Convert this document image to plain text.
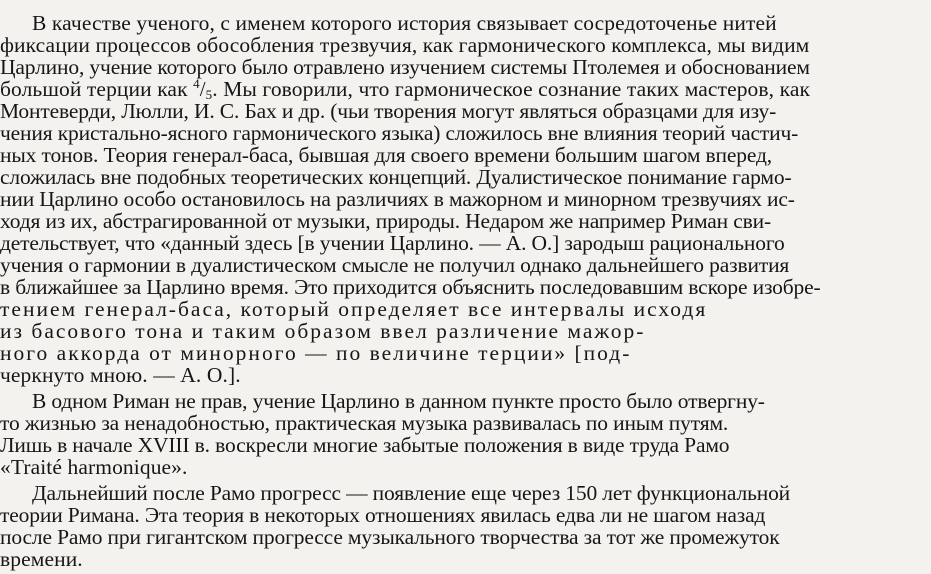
В качестве ученого, с именем которого история связывает сосредоточенье нитей
фиксации процессов обособления трезвучия, как гармонического комплекса, мы видим
Царлино, учение которого было отравлено изучением системы Птолемея и обоснованием
большой терции как $^4/_5$. Мы говорили, что гармоническое сознание таких мастеров, как
Монтеверди, Люлли, И. С. Бах и др. (чьи творения могут являться образцами для изу-
чения кристально-ясного гармонического языка) сложилось вне влияния теорий частич-
ных тонов. Теория генерал-баса, бывшая для своего времени большим шагом вперед,
сложилась вне подобных теоретических концепций. Дуалистическое понимание гармо-
нии Царлино особо остановилось на различиях в мажорном и минорном трезвучиях ис-
ходя из их, абстрагированной от музыки, природы. Недаром же например Риман сви-
детельствует, что «данный здесь [в учении Царлино. — А. О.] зародыш рационального
учения о гармонии в дуалистическом смысле не получил однако дальнейшего развития
в ближайшее за Царлино время. Это приходится объяснить последовавшим вскоре изобре-
тением генерал-баса, который определяет все интервалы исходя
из басового тона и таким образом ввел различение мажор-
ного аккорда от минорного — по величине терции» [под-
черкнуто мною. — А. О.].
В одном Риман не прав, учение Царлино в данном пункте просто было отвергну-
то жизнью за ненадобностью, практическая музыка развивалась по иным путям.
Лишь в начале XVIII в. воскресли многие забытые положения в виде труда Рамо
«Traité harmonique».
Дальнейший после Рамо прогресс — появление еще через 150 лет функциональной
теории Римана. Эта теория в некоторых отношениях явилась едва ли не шагом назад
после Рамо при гигантском прогрессе музыкального творчества за тот же промежуток
времени.
